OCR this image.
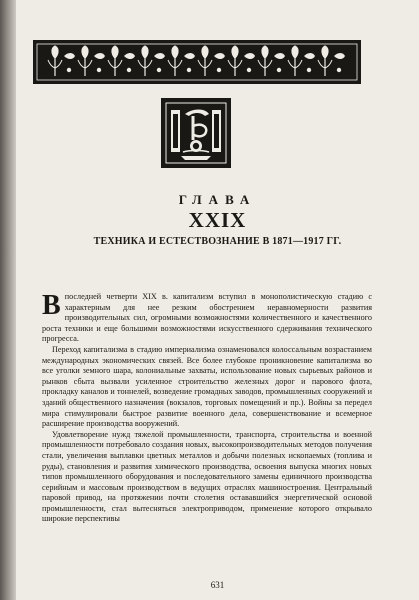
ГЛАВА
XXIX
ТЕХНИКА И ЕСТЕСТВОЗНАНИЕ В 1871—1917 ГГ.

Впоследней четверти XIX в. капитализм вступил в монополистическую стадию с характерным для нее резким обострением неравномерности развития производительных сил, огромными возможностями количественного и качественного роста техники и еще большими возможностями искусственного сдерживания технического прогресса.

Переход капитализма в стадию империализма ознаменовался колоссальным возрастанием международных экономических связей. Все более глубокое проникновение капитализма во все уголки земного шара, колониальные захваты, использование новых сырьевых районов и рынков сбыта вызвали усиленное строительство железных дорог и парового флота, прокладку каналов и тоннелей, возведение громадных заводов, промышленных сооружений и зданий общественного назначения (вокзалов, торговых помещений и пр.). Войны за передел мира стимулировали быстрое развитие военного дела, совершенствование и всемерное расширение производства вооружений.

Удовлетворение нужд тяжелой промышленности, транспорта, строительства и военной промышленности потребовало создания новых, высокопроизводительных методов получения стали, увеличения выплавки цветных металлов и добычи полезных ископаемых (топлива и руды), становления и развития химического производства, освоения выпуска многих новых типов промышленного оборудования и последовательного замены единичного производства серийным и массовым производством в ведущих отраслях машиностроения. Центральный паровой привод, на протяжении почти столетия остававшийся энергетической основой промышленности, стал вытесняться электроприводом, применение которого открывало широкие перспективы

631
